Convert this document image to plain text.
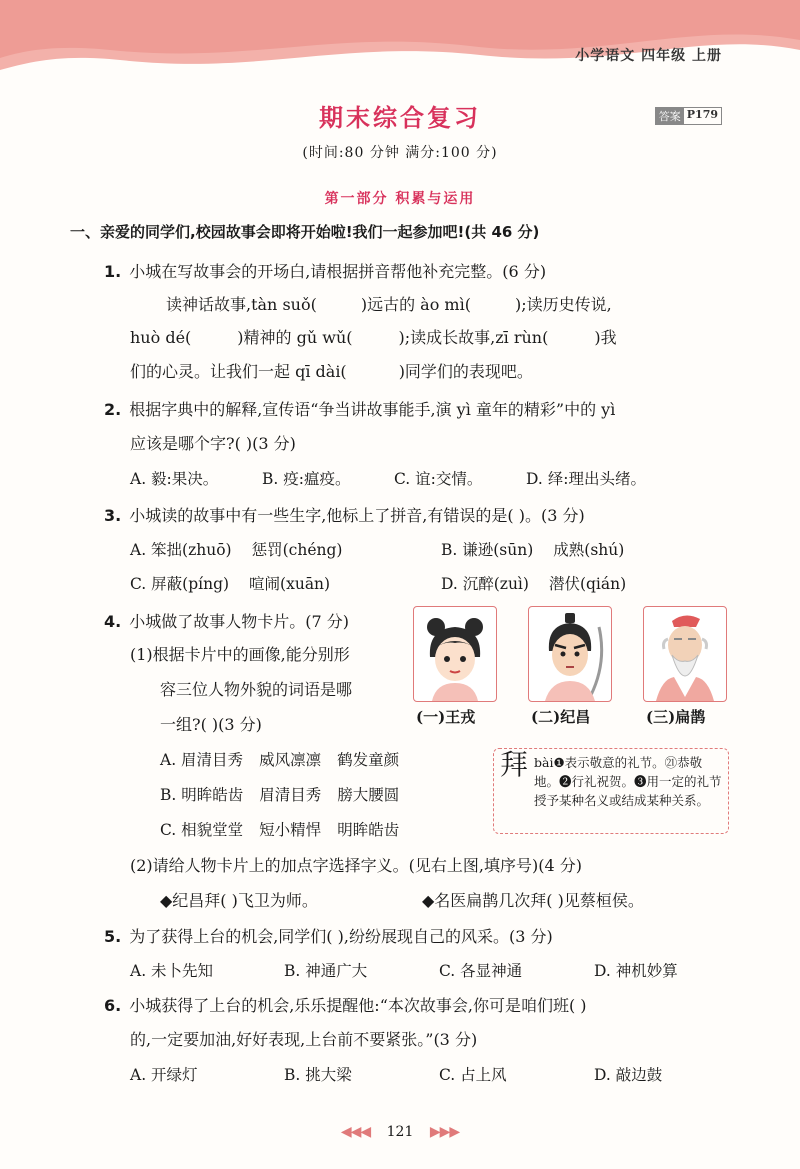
小学语文 四年级 上册
期末综合复习	答案 P179
(时间:80 分钟 满分:100 分)
第一部分 积累与运用
一、亲爱的同学们,校园故事会即将开始啦!我们一起参加吧!(共 46 分)
1. 小城在写故事会的开场白,请根据拼音帮他补充完整。(6 分)
读神话故事,tàn suǒ(	)远古的 ào mì(	);读历史传说,
huò dé(	)精神的 gǔ wǔ(	);读成长故事,zī rùn(	)我
们的心灵。让我们一起 qī dài(	)同学们的表现吧。
2. 根据字典中的解释,宣传语“争当讲故事能手,演 yì 童年的精彩”中的 yì
应该是哪个字?( )(3 分)
A. 毅:果决。	B. 疫:瘟疫。	C. 谊:交情。	D. 绎:理出头绪。
3. 小城读的故事中有一些生字,他标上了拼音,有错误的是( )。(3 分)
A. 笨拙(zhuō) 惩罚(chéng)	B. 谦逊(sūn) 成熟(shú)
C. 屏蔽(píng) 喧闹(xuān)	D. 沉醉(zuì) 潜伏(qián)
4. 小城做了故事人物卡片。(7 分)
(1)根据卡片中的画像,能分别形
容三位人物外貌的词语是哪
一组?( )(3 分)	(一)王戎	(二)纪昌	(三)扁鹊
A. 眉清目秀 威风凛凛 鹤发童颜
B. 明眸皓齿 眉清目秀 膀大腰圆
C. 相貌堂堂 短小精悍 明眸皓齿
拜 bài❶表示敬意的礼节。㉑恭敬地。❷行礼祝贺。❸用一定的礼节授予某种名义或结成某种关系。
(2)请给人物卡片上的加点字选择字义。(见右上图,填序号)(4 分)
◆纪昌拜( )飞卫为师。	◆名医扁鹊几次拜( )见蔡桓侯。
5. 为了获得上台的机会,同学们( ),纷纷展现自己的风采。(3 分)
A. 未卜先知	B. 神通广大	C. 各显神通	D. 神机妙算
6. 小城获得了上台的机会,乐乐提醒他:“本次故事会,你可是咱们班( )
的,一定要加油,好好表现,上台前不要紧张。”(3 分)
A. 开绿灯	B. 挑大梁	C. 占上风	D. 敲边鼓
◀◀◀ 121 ▶▶▶
